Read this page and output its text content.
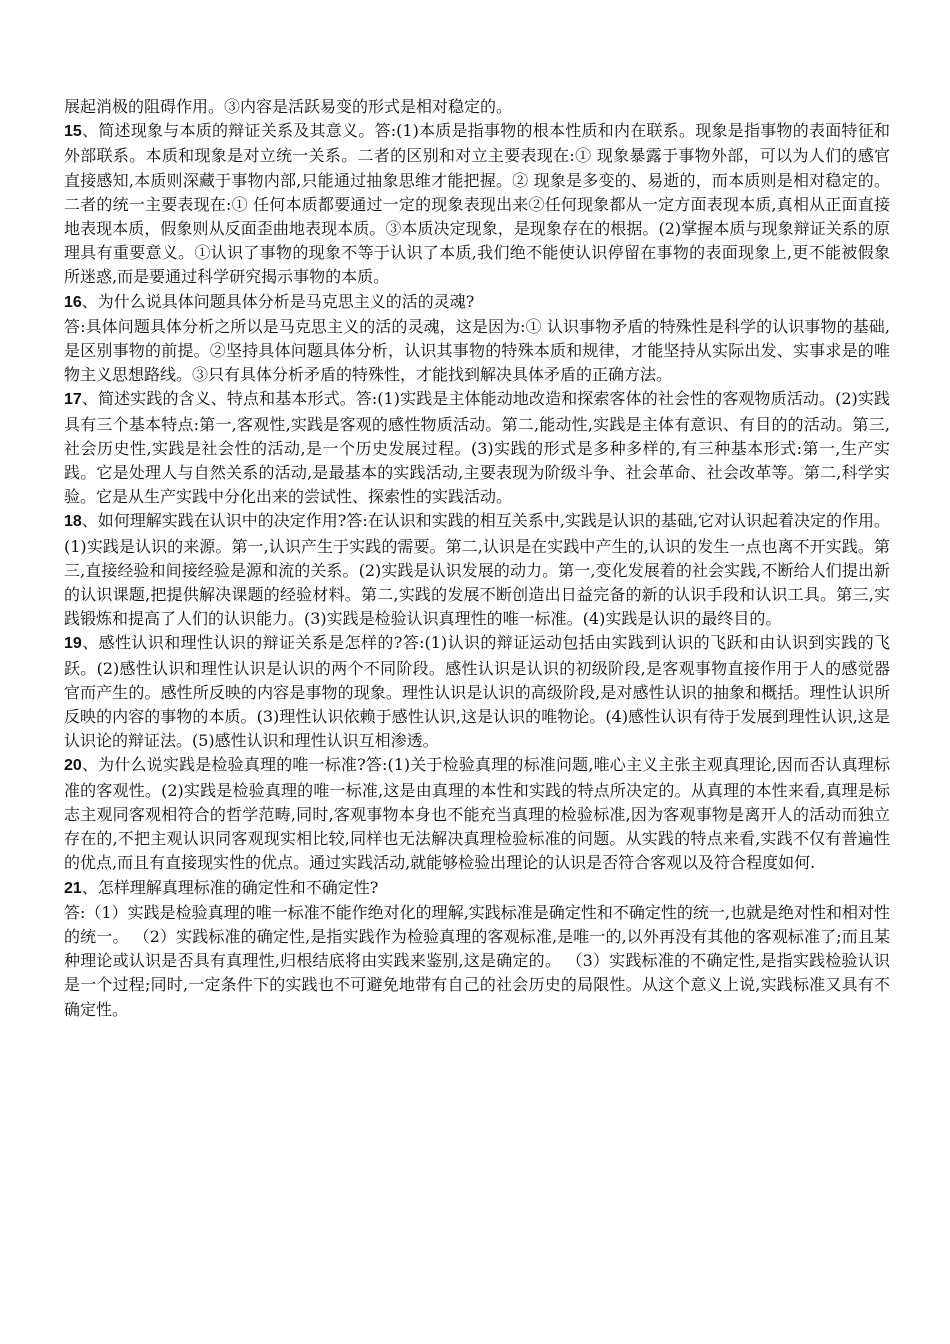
展起消极的阻碍作用。③内容是活跃易变的形式是相对稳定的。

15、简述现象与本质的辩证关系及其意义。答:(1)本质是指事物的根本性质和内在联系。现象是指事物的表面特征和外部联系。本质和现象是对立统一关系。二者的区别和对立主要表现在:① 现象暴露于事物外部，可以为人们的感官直接感知,本质则深藏于事物内部,只能通过抽象思维才能把握。② 现象是多变的、易逝的，而本质则是相对稳定的。二者的统一主要表现在:① 任何本质都要通过一定的现象表现出来②任何现象都从一定方面表现本质,真相从正面直接地表现本质，假象则从反面歪曲地表现本质。③本质决定现象，是现象存在的根据。(2)掌握本质与现象辩证关系的原理具有重要意义。①认识了事物的现象不等于认识了本质,我们绝不能使认识停留在事物的表面现象上,更不能被假象所迷惑,而是要通过科学研究揭示事物的本质。

16、为什么说具体问题具体分析是马克思主义的活的灵魂?

答:具体问题具体分析之所以是马克思主义的活的灵魂，这是因为:① 认识事物矛盾的特殊性是科学的认识事物的基础,是区别事物的前提。②坚持具体问题具体分析，认识其事物的特殊本质和规律，才能坚持从实际出发、实事求是的唯物主义思想路线。③只有具体分析矛盾的特殊性，才能找到解决具体矛盾的正确方法。

17、简述实践的含义、特点和基本形式。答:(1)实践是主体能动地改造和探索客体的社会性的客观物质活动。(2)实践具有三个基本特点:第一,客观性,实践是客观的感性物质活动。第二,能动性,实践是主体有意识、有目的的活动。第三,社会历史性,实践是社会性的活动,是一个历史发展过程。(3)实践的形式是多种多样的,有三种基本形式:第一,生产实践。它是处理人与自然关系的活动,是最基本的实践活动,主要表现为阶级斗争、社会革命、社会改革等。第二,科学实验。它是从生产实践中分化出来的尝试性、探索性的实践活动。

18、如何理解实践在认识中的决定作用?答:在认识和实践的相互关系中,实践是认识的基础,它对认识起着决定的作用。(1)实践是认识的来源。第一,认识产生于实践的需要。第二,认识是在实践中产生的,认识的发生一点也离不开实践。第三,直接经验和间接经验是源和流的关系。(2)实践是认识发展的动力。第一,变化发展着的社会实践,不断给人们提出新的认识课题,把提供解决课题的经验材料。第二,实践的发展不断创造出日益完备的新的认识手段和认识工具。第三,实践锻炼和提高了人们的认识能力。(3)实践是检验认识真理性的唯一标准。(4)实践是认识的最终目的。

19、感性认识和理性认识的辩证关系是怎样的?答:(1)认识的辩证运动包括由实践到认识的飞跃和由认识到实践的飞跃。(2)感性认识和理性认识是认识的两个不同阶段。感性认识是认识的初级阶段,是客观事物直接作用于人的感觉器官而产生的。感性所反映的内容是事物的现象。理性认识是认识的高级阶段,是对感性认识的抽象和概括。理性认识所反映的内容的事物的本质。(3)理性认识依赖于感性认识,这是认识的唯物论。(4)感性认识有待于发展到理性认识,这是认识论的辩证法。(5)感性认识和理性认识互相渗透。

20、为什么说实践是检验真理的唯一标准?答:(1)关于检验真理的标准问题,唯心主义主张主观真理论,因而否认真理标准的客观性。(2)实践是检验真理的唯一标准,这是由真理的本性和实践的特点所决定的。从真理的本性来看,真理是标志主观同客观相符合的哲学范畴,同时,客观事物本身也不能充当真理的检验标准,因为客观事物是离开人的活动而独立存在的,不把主观认识同客观现实相比较,同样也无法解决真理检验标准的问题。从实践的特点来看,实践不仅有普遍性的优点,而且有直接现实性的优点。通过实践活动,就能够检验出理论的认识是否符合客观以及符合程度如何.

21、怎样理解真理标准的确定性和不确定性?

答:（1）实践是检验真理的唯一标准不能作绝对化的理解,实践标准是确定性和不确定性的统一,也就是绝对性和相对性的统一。 （2）实践标准的确定性,是指实践作为检验真理的客观标准,是唯一的,以外再没有其他的客观标准了;而且某种理论或认识是否具有真理性,归根结底将由实践来鉴别,这是确定的。 （3）实践标准的不确定性,是指实践检验认识是一个过程;同时,一定条件下的实践也不可避免地带有自己的社会历史的局限性。从这个意义上说,实践标准又具有不确定性。
